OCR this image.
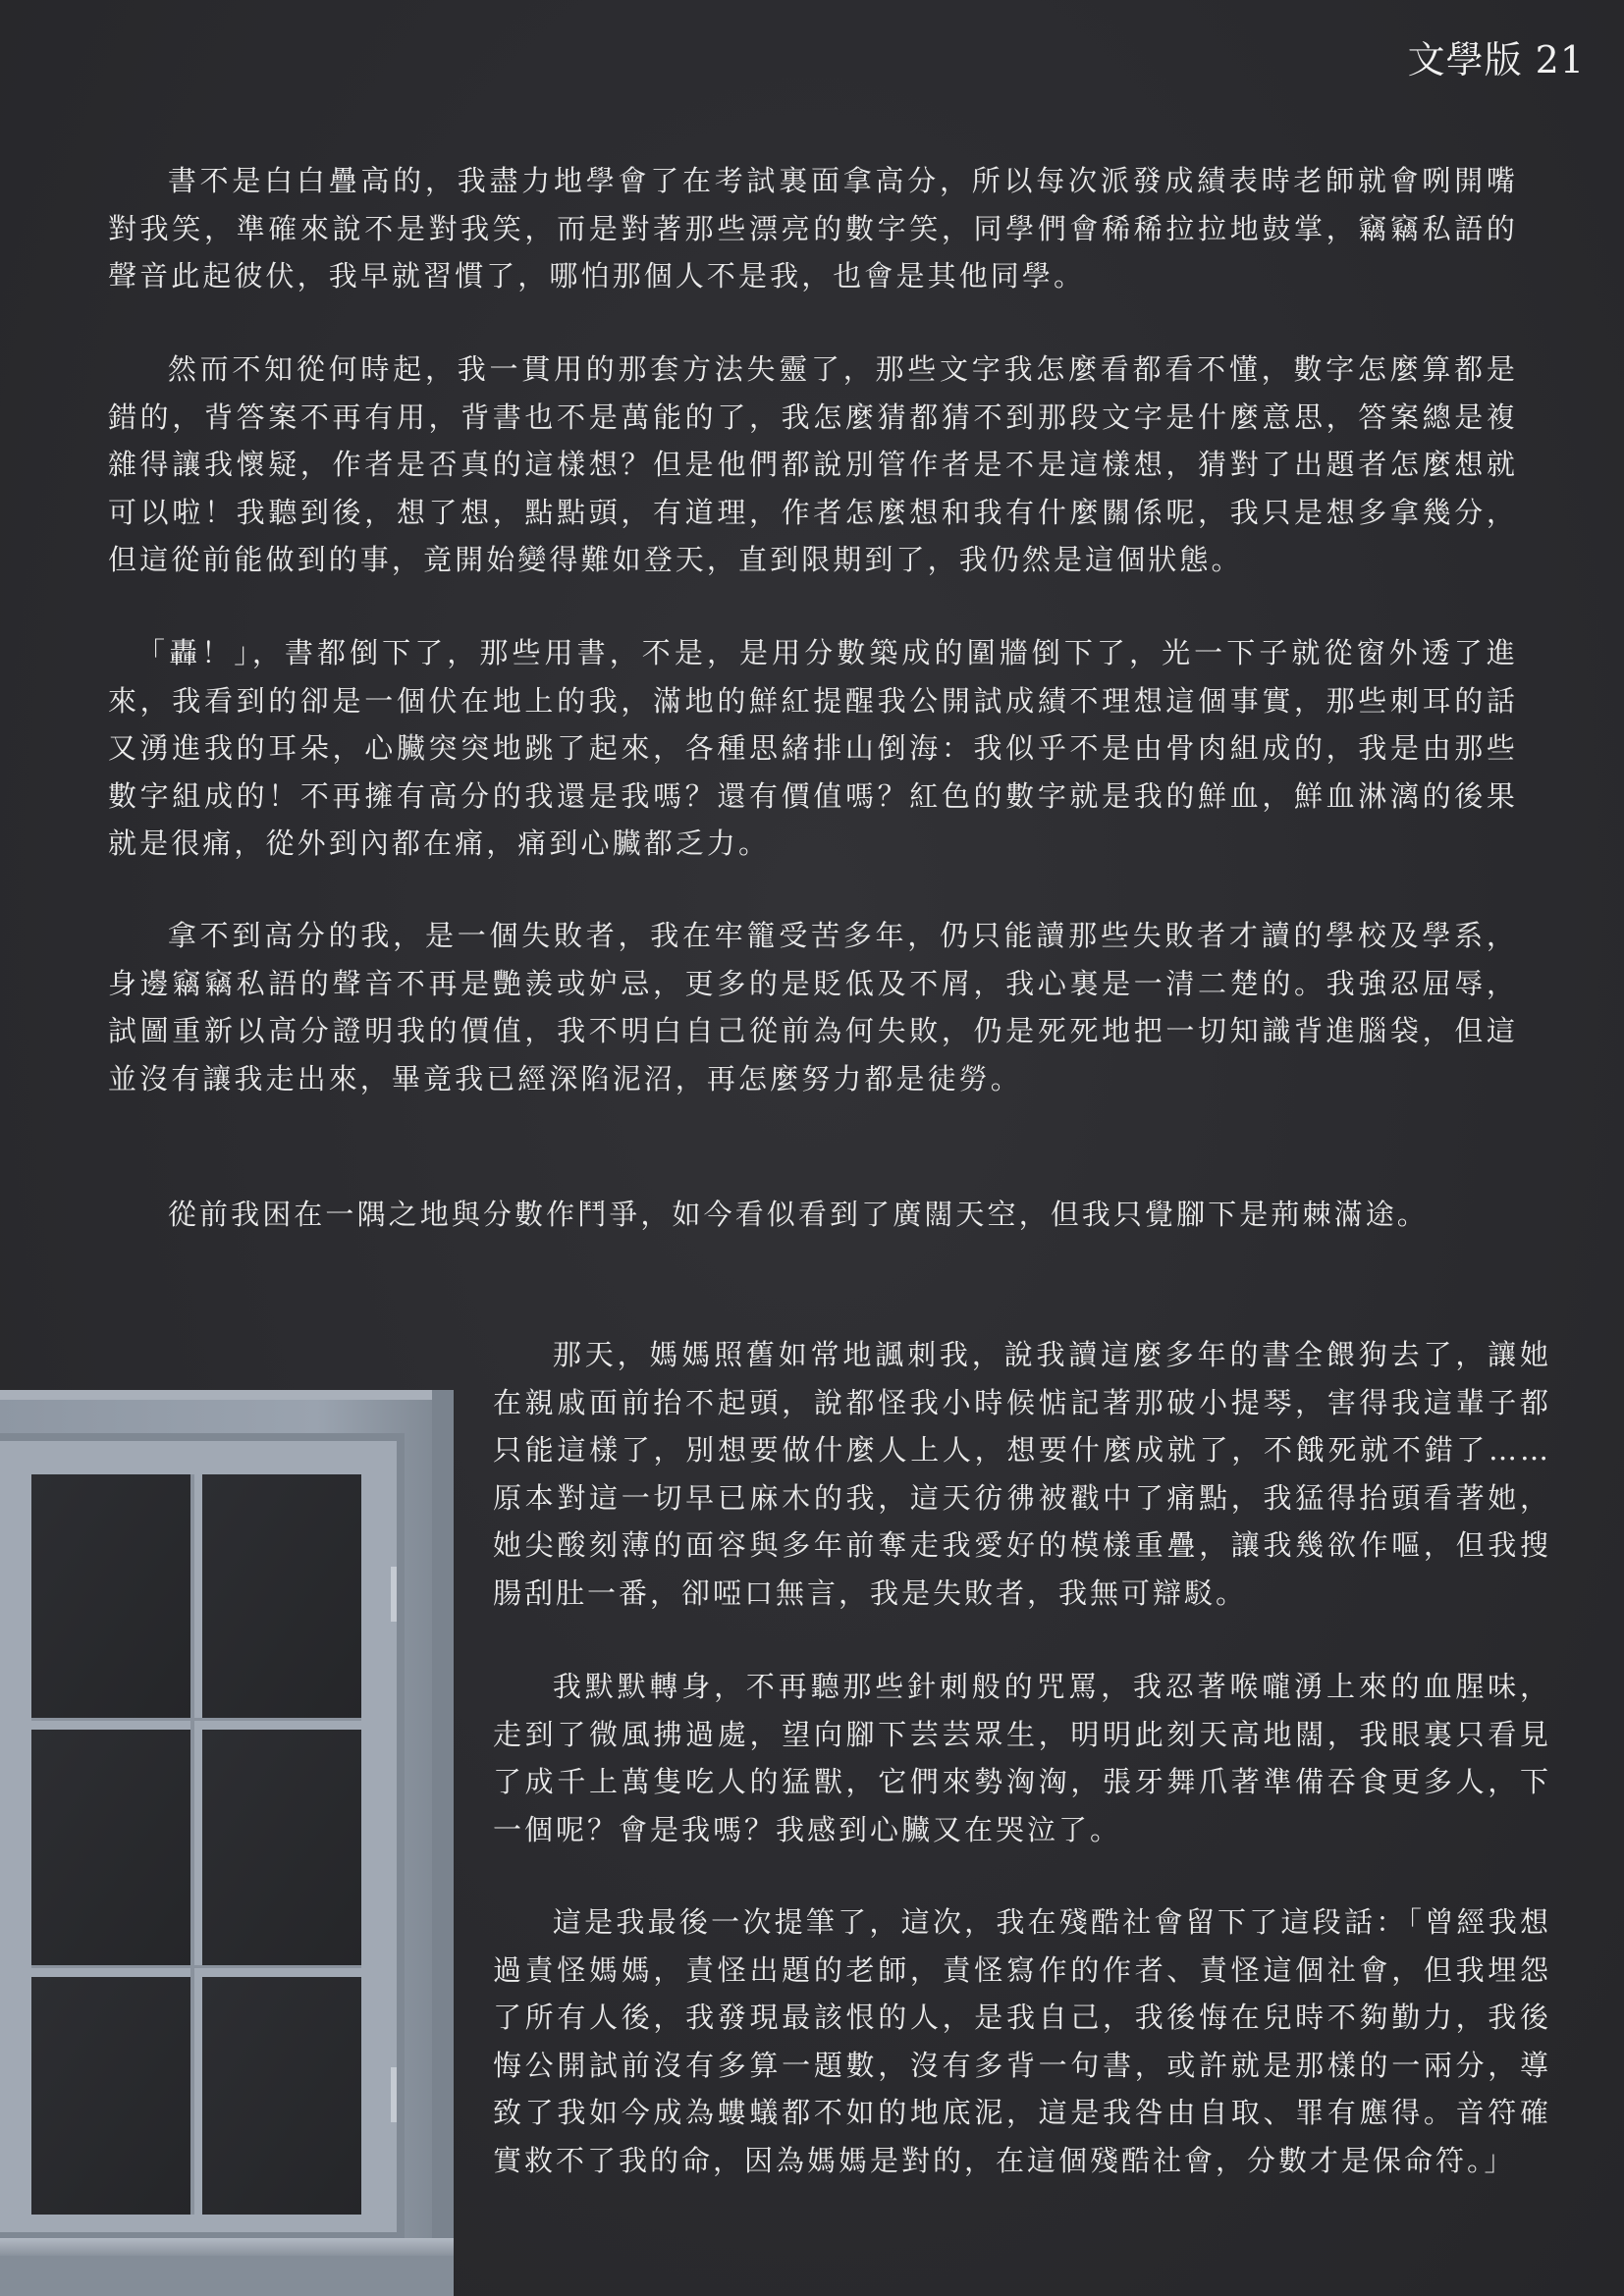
文學版 21

書不是白白疊高的，我盡力地學會了在考試裏面拿高分，所以每次派發成績表時老師就會咧開嘴對我笑，準確來說不是對我笑，而是對著那些漂亮的數字笑，同學們會稀稀拉拉地鼓掌，竊竊私語的聲音此起彼伏，我早就習慣了，哪怕那個人不是我，也會是其他同學。

然而不知從何時起，我一貫用的那套方法失靈了，那些文字我怎麼看都看不懂，數字怎麼算都是錯的，背答案不再有用，背書也不是萬能的了，我怎麼猜都猜不到那段文字是什麼意思，答案總是複雜得讓我懷疑，作者是否真的這樣想？但是他們都說別管作者是不是這樣想，猜對了出題者怎麼想就可以啦！我聽到後，想了想，點點頭，有道理，作者怎麼想和我有什麼關係呢，我只是想多拿幾分，但這從前能做到的事，竟開始變得難如登天，直到限期到了，我仍然是這個狀態。

「轟！」，書都倒下了，那些用書，不是，是用分數築成的圍牆倒下了，光一下子就從窗外透了進來，我看到的卻是一個伏在地上的我，滿地的鮮紅提醒我公開試成績不理想這個事實，那些刺耳的話又湧進我的耳朵，心臟突突地跳了起來，各種思緒排山倒海：我似乎不是由骨肉組成的，我是由那些數字組成的！不再擁有高分的我還是我嗎？還有價值嗎？紅色的數字就是我的鮮血，鮮血淋漓的後果就是很痛，從外到內都在痛，痛到心臟都乏力。

拿不到高分的我，是一個失敗者，我在牢籠受苦多年，仍只能讀那些失敗者才讀的學校及學系，身邊竊竊私語的聲音不再是艷羨或妒忌，更多的是貶低及不屑，我心裏是一清二楚的。我強忍屈辱，試圖重新以高分證明我的價值，我不明白自己從前為何失敗，仍是死死地把一切知識背進腦袋，但這並沒有讓我走出來，畢竟我已經深陷泥沼，再怎麼努力都是徒勞。

從前我困在一隅之地與分數作鬥爭，如今看似看到了廣闊天空，但我只覺腳下是荊棘滿途。

那天，媽媽照舊如常地諷刺我，說我讀這麼多年的書全餵狗去了，讓她在親戚面前抬不起頭，說都怪我小時候惦記著那破小提琴，害得我這輩子都只能這樣了，別想要做什麼人上人，想要什麼成就了，不餓死就不錯了……原本對這一切早已麻木的我，這天彷彿被戳中了痛點，我猛得抬頭看著她，她尖酸刻薄的面容與多年前奪走我愛好的模樣重疊，讓我幾欲作嘔，但我搜腸刮肚一番，卻啞口無言，我是失敗者，我無可辯駁。

我默默轉身，不再聽那些針刺般的咒罵，我忍著喉嚨湧上來的血腥味，走到了微風拂過處，望向腳下芸芸眾生，明明此刻天高地闊，我眼裏只看見了成千上萬隻吃人的猛獸，它們來勢洶洶，張牙舞爪著準備吞食更多人，下一個呢？會是我嗎？我感到心臟又在哭泣了。

這是我最後一次提筆了，這次，我在殘酷社會留下了這段話：「曾經我想過責怪媽媽，責怪出題的老師，責怪寫作的作者、責怪這個社會，但我埋怨了所有人後，我發現最該恨的人，是我自己，我後悔在兒時不夠勤力，我後悔公開試前沒有多算一題數，沒有多背一句書，或許就是那樣的一兩分，導致了我如今成為螻蟻都不如的地底泥，這是我咎由自取、罪有應得。音符確實救不了我的命，因為媽媽是對的，在這個殘酷社會，分數才是保命符。」
